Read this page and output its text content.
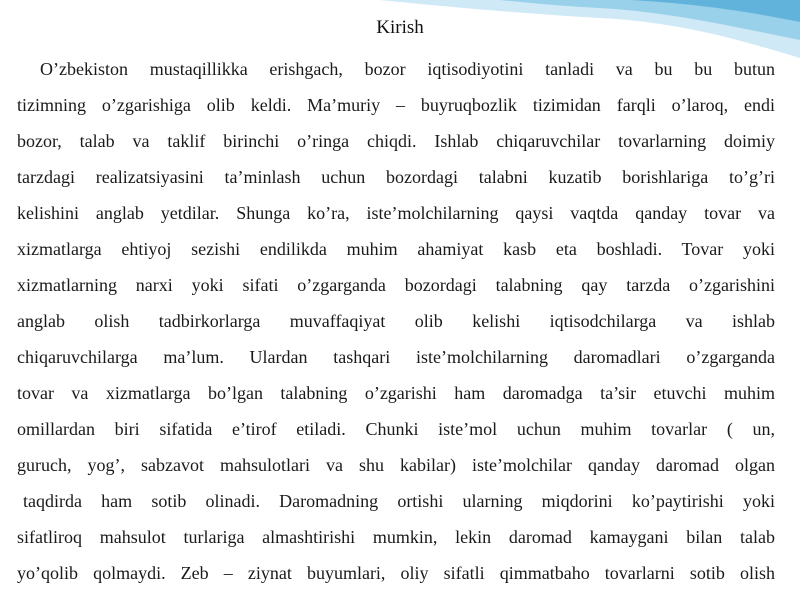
Kirish
O’zbekiston mustaqillikka erishgach, bozor iqtisodiyotini tanladi va bu bu butun
tizimning o’zgarishiga olib keldi. Ma’muriy – buyruqbozlik tizimidan farqli o’laroq, endi
bozor, talab va taklif birinchi o’ringa chiqdi. Ishlab chiqaruvchilar tovarlarning doimiy
tarzdagi realizatsiyasini ta’minlash uchun bozordagi talabni kuzatib borishlariga to’g’ri
kelishini anglab yetdilar. Shunga ko’ra, iste’molchilarning qaysi vaqtda qanday tovar va
xizmatlarga ehtiyoj sezishi endilikda muhim ahamiyat kasb eta boshladi. Tovar yoki
xizmatlarning narxi yoki sifati o’zgarganda bozordagi talabning qay tarzda o’zgarishini
anglab olish tadbirkorlarga muvaffaqiyat olib kelishi iqtisodchilarga va ishlab
chiqaruvchilarga ma’lum. Ulardan tashqari iste’molchilarning daromadlari o’zgarganda
tovar va xizmatlarga bo’lgan talabning o’zgarishi ham daromadga ta’sir etuvchi muhim
omillardan biri sifatida e’tirof etiladi. Chunki iste’mol uchun muhim tovarlar ( un,
guruch, yog’, sabzavot mahsulotlari va shu kabilar) iste’molchilar qanday daromad olgan
taqdirda ham sotib olinadi. Daromadning ortishi ularning miqdorini ko’paytirishi yoki
sifatliroq mahsulot turlariga almashtirishi mumkin, lekin daromad kamaygani bilan talab
yo’qolib qolmaydi. Zeb – ziynat buyumlari, oliy sifatli qimmatbaho tovarlarni sotib olish
